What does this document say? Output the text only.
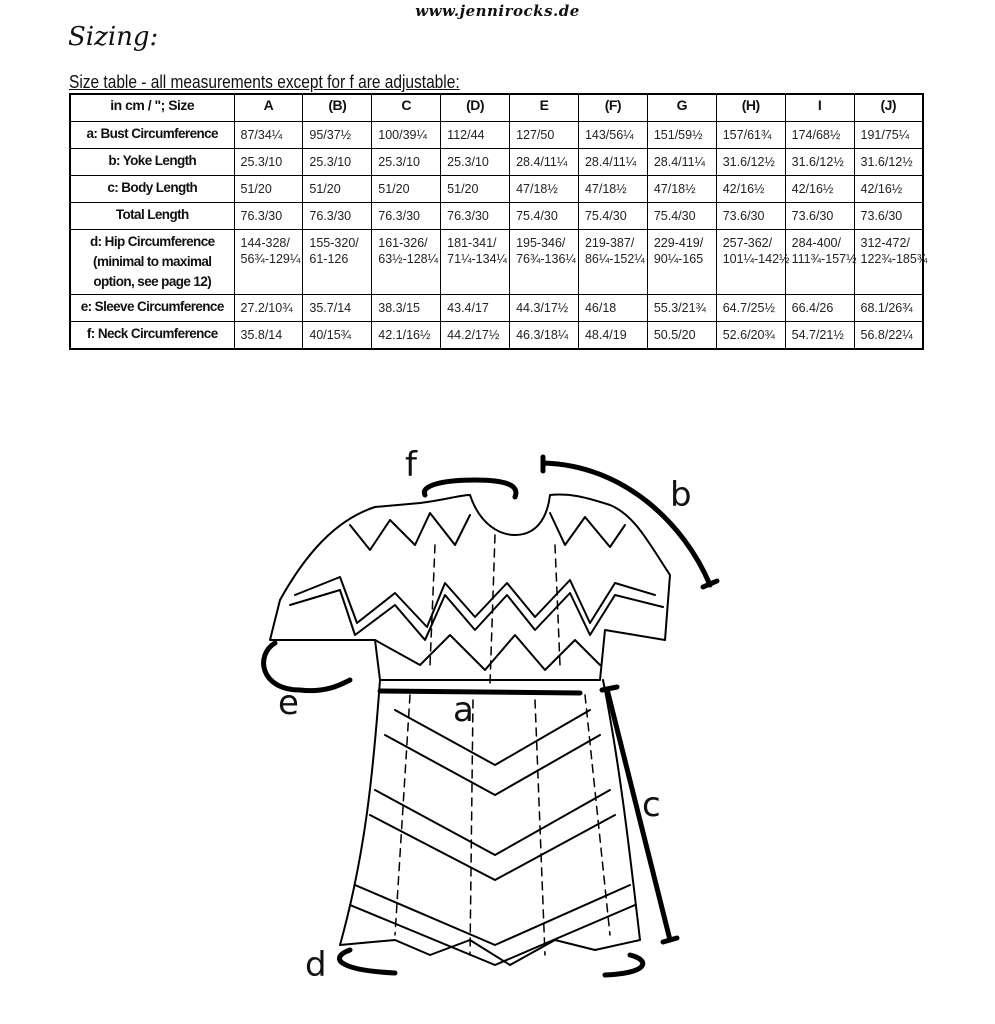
www.jennirocks.de
Sizing:
Size table - all measurements except for f are adjustable:
in cm / "; Size	A	(B)	C	(D)	E	(F)	G	(H)	I	(J)
a: Bust Circumference	87/34¼	95/37½	100/39¼	112/44	127/50	143/56¼	151/59½	157/61¾	174/68½	191/75¼
b: Yoke Length	25.3/10	25.3/10	25.3/10	25.3/10	28.4/11¼	28.4/11¼	28.4/11¼	31.6/12½	31.6/12½	31.6/12½
c: Body Length	51/20	51/20	51/20	51/20	47/18½	47/18½	47/18½	42/16½	42/16½	42/16½
Total Length	76.3/30	76.3/30	76.3/30	76.3/30	75.4/30	75.4/30	75.4/30	73.6/30	73.6/30	73.6/30
d: Hip Circumference (minimal to maximal option, see page 12)	144-328/ 56¾-129¼	155-320/ 61-126	161-326/ 63½-128¼	181-341/ 71¼-134¼	195-346/ 76¾-136¼	219-387/ 86¼-152¼	229-419/ 90¼-165	257-362/ 101¼-142½	284-400/ 111¾-157½	312-472/ 122¾-185¾
e: Sleeve Circumference	27.2/10¾	35.7/14	38.3/15	43.4/17	44.3/17½	46/18	55.3/21¾	64.7/25½	66.4/26	68.1/26¾
f: Neck Circumference	35.8/14	40/15¾	42.1/16½	44.2/17½	46.3/18¼	48.4/19	50.5/20	52.6/20¾	54.7/21½	56.8/22¼
f
b
a
e
c
d
